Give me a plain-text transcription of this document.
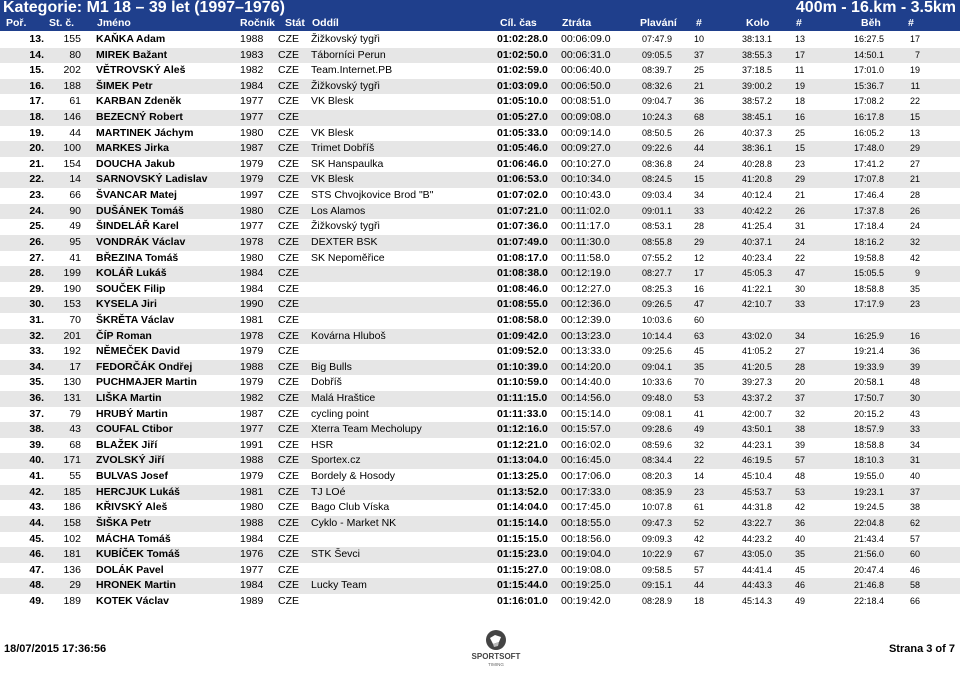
Kategorie: M1 18 – 39 let (1997–1976)	400m - 16.km - 3.5km
Poř. St. č. Jméno	Ročník Stát Oddíl	Cíl. čas Ztráta	Plavání #	Kolo	#	Běh	#
13.	155 KAŇKA Adam	1988	CZE	Žižkovský tygři	01:02:28.0	00:06:09.0	07:47.9	10	38:13.1	13	16:27.5	17
14.	80 MIREK Bažant	1983	CZE	Táborníci Perun	01:02:50.0	00:06:31.0	09:05.5	37	38:55.3	17	14:50.1	7
15.	202 VĚTROVSKÝ Aleš	1982	CZE	Team.Internet.PB	01:02:59.0	00:06:40.0	08:39.7	25	37:18.5	11	17:01.0	19
16.	188 ŠIMEK Petr	1984	CZE	Žižkovský tygři	01:03:09.0	00:06:50.0	08:32.6	21	39:00.2	19	15:36.7	11
17.	61 KARBAN Zdeněk	1977	CZE	VK Blesk	01:05:10.0	00:08:51.0	09:04.7	36	38:57.2	18	17:08.2	22
18.	146 BEZECNÝ Robert	1977	CZE	01:05:27.0	00:09:08.0	10:24.3	68	38:45.1	16	16:17.8	15
19.	44 MARTINEK Jáchym	1980	CZE	VK Blesk	01:05:33.0	00:09:14.0	08:50.5	26	40:37.3	25	16:05.2	13
20.	100 MARKES Jirka	1987	CZE	Trimet Dobříš	01:05:46.0	00:09:27.0	09:22.6	44	38:36.1	15	17:48.0	29
21.	154 DOUCHA Jakub	1979	CZE	SK Hanspaulka	01:06:46.0	00:10:27.0	08:36.8	24	40:28.8	23	17:41.2	27
22.	14 SARNOVSKÝ Ladislav	1979	CZE	VK Blesk	01:06:53.0	00:10:34.0	08:24.5	15	41:20.8	29	17:07.8	21
23.	66 ŠVANCAR Matej	1997	CZE	STS Chvojkovice Brod "B"	01:07:02.0	00:10:43.0	09:03.4	34	40:12.4	21	17:46.4	28
24.	90 DUŠÁNEK Tomáš	1980	CZE	Los Alamos	01:07:21.0	00:11:02.0	09:01.1	33	40:42.2	26	17:37.8	26
25.	49 ŠINDELÁŘ Karel	1977	CZE	Žižkovský tygři	01:07:36.0	00:11:17.0	08:53.1	28	41:25.4	31	17:18.4	24
26.	95 VONDRÁK Václav	1978	CZE	DEXTER BSK	01:07:49.0	00:11:30.0	08:55.8	29	40:37.1	24	18:16.2	32
27.	41 BŘEZINA Tomáš	1980	CZE	SK Nepoměřice	01:08:17.0	00:11:58.0	07:55.2	12	40:23.4	22	19:58.8	42
28.	199 KOLÁŘ Lukáš	1984	CZE	01:08:38.0	00:12:19.0	08:27.7	17	45:05.3	47	15:05.5	9
29.	190 SOUČEK Filip	1984	CZE	01:08:46.0	00:12:27.0	08:25.3	16	41:22.1	30	18:58.8	35
30.	153 KYSELA Jiri	1990	CZE	01:08:55.0	00:12:36.0	09:26.5	47	42:10.7	33	17:17.9	23
31.	70 ŠKRĚTA Václav	1981	CZE	01:08:58.0	00:12:39.0	10:03.6	60
32.	201 ČÍP Roman	1978	CZE	Kovárna Hluboš	01:09:42.0	00:13:23.0	10:14.4	63	43:02.0	34	16:25.9	16
33.	192 NĚMEČEK David	1979	CZE	01:09:52.0	00:13:33.0	09:25.6	45	41:05.2	27	19:21.4	36
34.	17 FEDORČÁK Ondřej	1988	CZE	Big Bulls	01:10:39.0	00:14:20.0	09:04.1	35	41:20.5	28	19:33.9	39
35.	130 PUCHMAJER Martin	1979	CZE	Dobříš	01:10:59.0	00:14:40.0	10:33.6	70	39:27.3	20	20:58.1	48
36.	131 LIŠKA Martin	1982	CZE	Malá Hraštice	01:11:15.0	00:14:56.0	09:48.0	53	43:37.2	37	17:50.7	30
37.	79 HRUBÝ Martin	1987	CZE	cycling point	01:11:33.0	00:15:14.0	09:08.1	41	42:00.7	32	20:15.2	43
38.	43 COUFAL Ctibor	1977	CZE	Xterra Team Mecholupy	01:12:16.0	00:15:57.0	09:28.6	49	43:50.1	38	18:57.9	33
39.	68 BLAŽEK Jiří	1991	CZE	HSR	01:12:21.0	00:16:02.0	08:59.6	32	44:23.1	39	18:58.8	34
40.	171 ZVOLSKÝ Jiří	1988	CZE	Sportex.cz	01:13:04.0	00:16:45.0	08:34.4	22	46:19.5	57	18:10.3	31
41.	55 BULVAS Josef	1979	CZE	Bordely & Hosody	01:13:25.0	00:17:06.0	08:20.3	14	45:10.4	48	19:55.0	40
42.	185 HERCJUK Lukáš	1981	CZE	TJ LOé	01:13:52.0	00:17:33.0	08:35.9	23	45:53.7	53	19:23.1	37
43.	186 KŘIVSKÝ Aleš	1980	CZE	Bago Club Víska	01:14:04.0	00:17:45.0	10:07.8	61	44:31.8	42	19:24.5	38
44.	158 ŠIŠKA Petr	1988	CZE	Cyklo - Market NK	01:15:14.0	00:18:55.0	09:47.3	52	43:22.7	36	22:04.8	62
45.	102 MÁCHA Tomáš	1984	CZE	01:15:15.0	00:18:56.0	09:09.3	42	44:23.2	40	21:43.4	57
46.	181 KUBÍČEK Tomáš	1976	CZE	STK Ševci	01:15:23.0	00:19:04.0	10:22.9	67	43:05.0	35	21:56.0	60
47.	136 DOLÁK Pavel	1977	CZE	01:15:27.0	00:19:08.0	09:58.5	57	44:41.4	45	20:47.4	46
48.	29 HRONEK Martin	1984	CZE	Lucky Team	01:15:44.0	00:19:25.0	09:15.1	44	44:43.3	46	21:46.8	58
49.	189 KOTEK Václav	1989	CZE	01:16:01.0	00:19:42.0	08:28.9	18	45:14.3	49	22:18.4	66
18/07/2015 17:36:56	Strana 3 of 7
SPORTSOFT
TIMING
